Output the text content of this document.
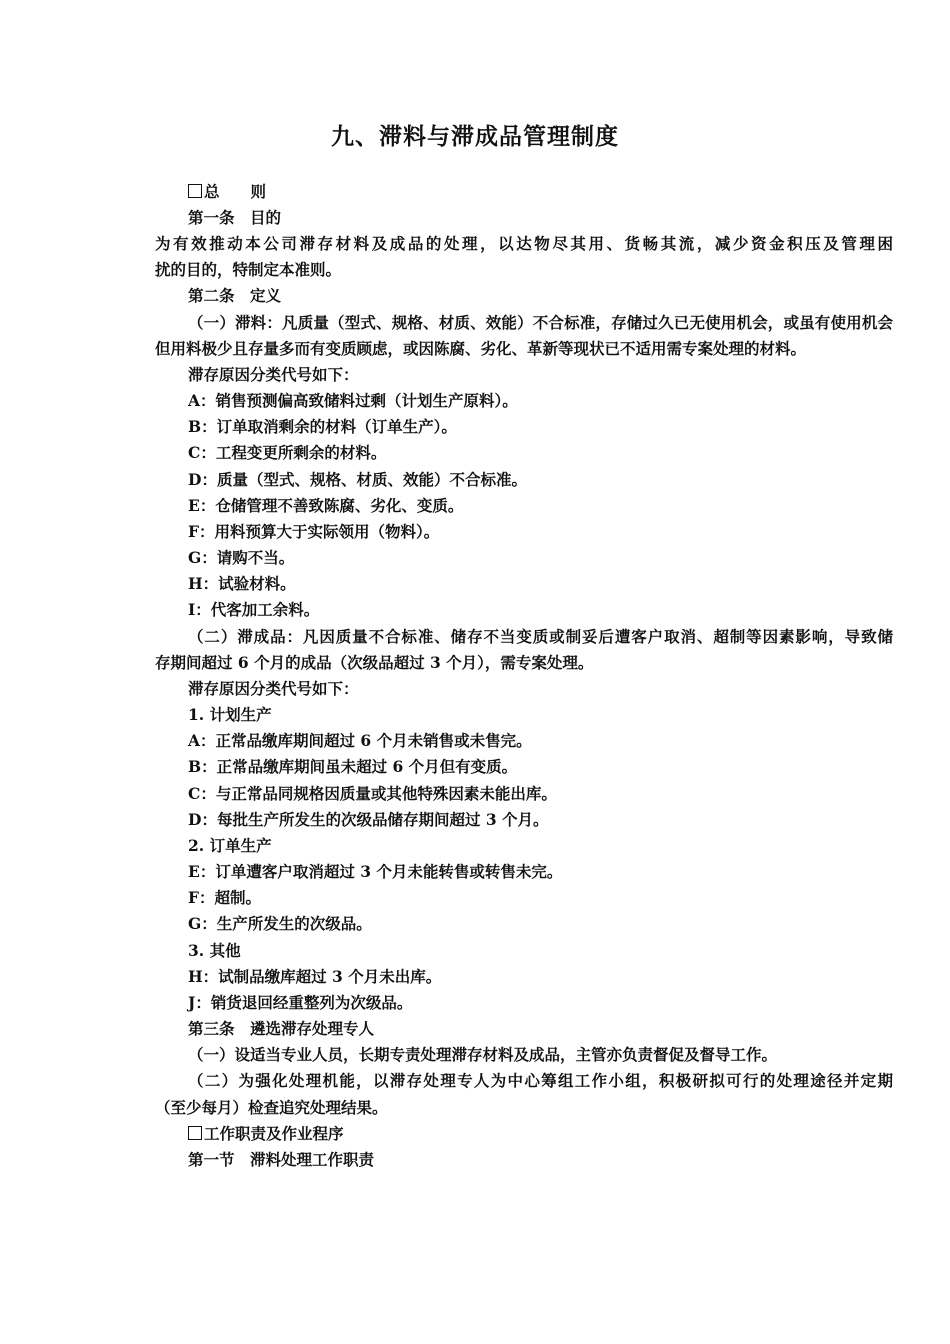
九、滞料与滞成品管理制度
总　　则
第一条　目的
为有效推动本公司滞存材料及成品的处理，以达物尽其用、货畅其流，减少资金积压及管理困
扰的目的，特制定本准则。
第二条　定义
（一）滞料：凡质量（型式、规格、材质、效能）不合标准，存储过久已无使用机会，或虽有使用机会
但用料极少且存量多而有变质顾虑，或因陈腐、劣化、革新等现状已不适用需专案处理的材料。
滞存原因分类代号如下：
A：销售预测偏高致储料过剩（计划生产原料）。
B：订单取消剩余的材料（订单生产）。
C：工程变更所剩余的材料。
D：质量（型式、规格、材质、效能）不合标准。
E：仓储管理不善致陈腐、劣化、变质。
F：用料预算大于实际领用（物料）。
G：请购不当。
H：试验材料。
I：代客加工余料。
（二）滞成品：凡因质量不合标准、储存不当变质或制妥后遭客户取消、超制等因素影响，导致储
存期间超过 6 个月的成品（次级品超过 3 个月），需专案处理。
滞存原因分类代号如下：
1. 计划生产
A：正常品缴库期间超过 6 个月未销售或未售完。
B：正常品缴库期间虽未超过 6 个月但有变质。
C：与正常品同规格因质量或其他特殊因素未能出库。
D：每批生产所发生的次级品储存期间超过 3 个月。
2. 订单生产
E：订单遭客户取消超过 3 个月未能转售或转售未完。
F：超制。
G：生产所发生的次级品。
3. 其他
H：试制品缴库超过 3 个月未出库。
J：销货退回经重整列为次级品。
第三条　遴选滞存处理专人
（一）设适当专业人员，长期专责处理滞存材料及成品，主管亦负责督促及督导工作。
（二）为强化处理机能，以滞存处理专人为中心筹组工作小组，积极研拟可行的处理途径并定期
（至少每月）检查追究处理结果。
工作职责及作业程序
第一节　滞料处理工作职责
